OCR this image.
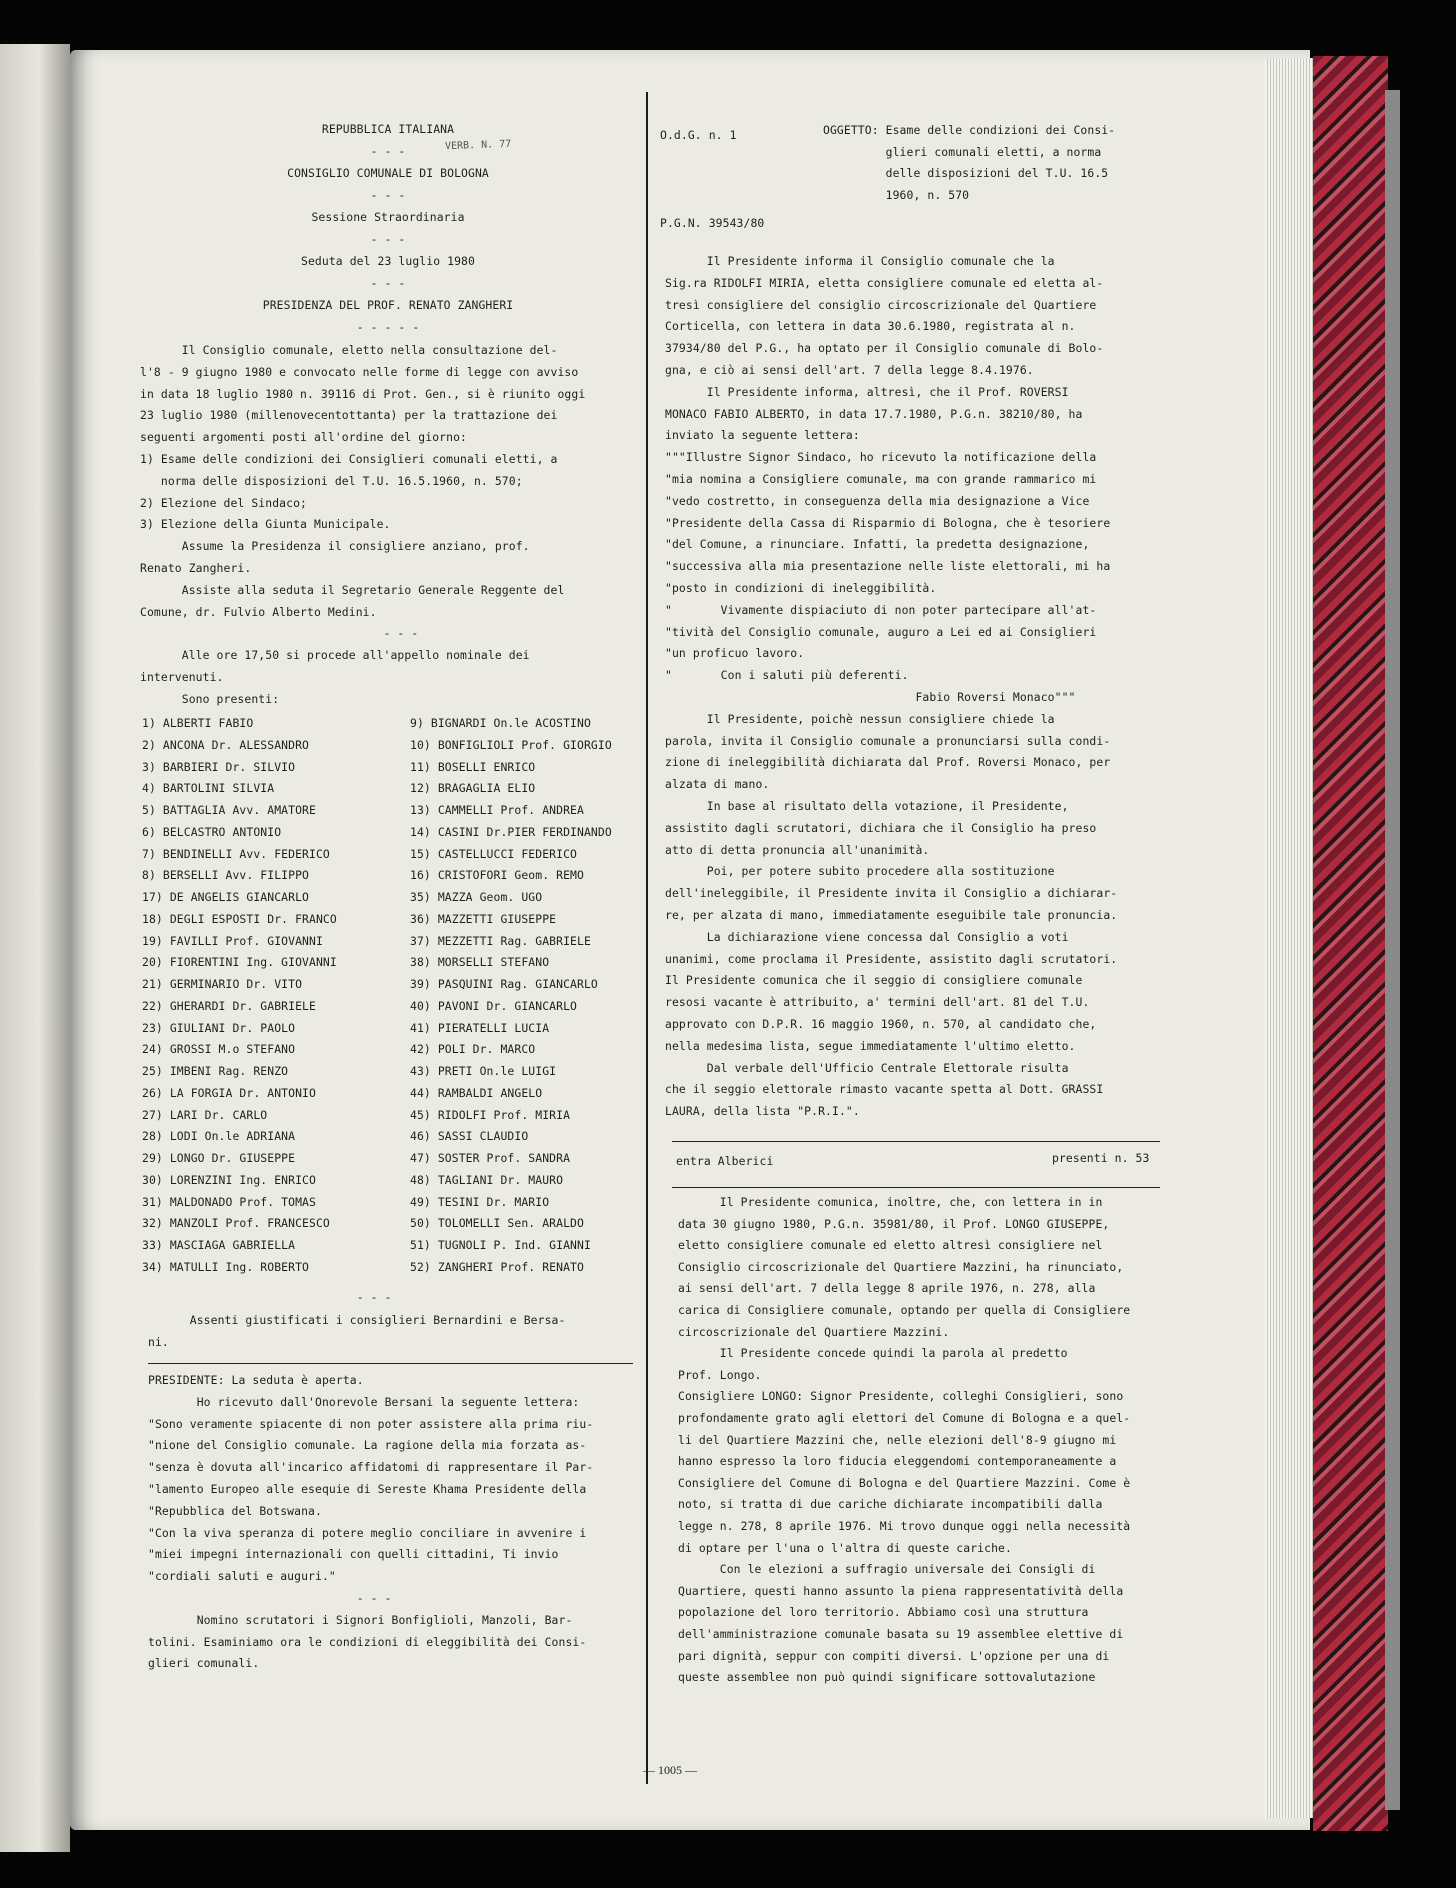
VERB. N. 77
REPUBBLICA ITALIANA
- - -
CONSIGLIO COMUNALE DI BOLOGNA
- - -
Sessione Straordinaria
- - -
Seduta del 23 luglio 1980
- - -
PRESIDENZA DEL PROF. RENATO ZANGHERI
- - - - -
Il Consiglio comunale, eletto nella consultazione del-
l'8 - 9 giugno 1980 e convocato nelle forme di legge con avviso
in data 18 luglio 1980 n. 39116 di Prot. Gen., si è riunito oggi
23 luglio 1980 (millenovecentottanta) per la trattazione dei
seguenti argomenti posti all'ordine del giorno:
1) Esame delle condizioni dei Consiglieri comunali eletti, a
norma delle disposizioni del T.U. 16.5.1960, n. 570;
2) Elezione del Sindaco;
3) Elezione della Giunta Municipale.
Assume la Presidenza il consigliere anziano, prof.
Renato Zangheri.
Assiste alla seduta il Segretario Generale Reggente del
Comune, dr. Fulvio Alberto Medini.
- - -
Alle ore 17,50 si procede all'appello nominale dei
intervenuti.
Sono presenti:
1) ALBERTI FABIO
2) ANCONA Dr. ALESSANDRO
3) BARBIERI Dr. SILVIO
4) BARTOLINI SILVIA
5) BATTAGLIA Avv. AMATORE
6) BELCASTRO ANTONIO
7) BENDINELLI Avv. FEDERICO
8) BERSELLI Avv. FILIPPO
17) DE ANGELIS GIANCARLO
18) DEGLI ESPOSTI Dr. FRANCO
19) FAVILLI Prof. GIOVANNI
20) FIORENTINI Ing. GIOVANNI
21) GERMINARIO Dr. VITO
22) GHERARDI Dr. GABRIELE
23) GIULIANI Dr. PAOLO
24) GROSSI M.o STEFANO
25) IMBENI Rag. RENZO
26) LA FORGIA Dr. ANTONIO
27) LARI Dr. CARLO
28) LODI On.le ADRIANA
29) LONGO Dr. GIUSEPPE
30) LORENZINI Ing. ENRICO
31) MALDONADO Prof. TOMAS
32) MANZOLI Prof. FRANCESCO
33) MASCIAGA GABRIELLA
34) MATULLI Ing. ROBERTO
9) BIGNARDI On.le ACOSTINO
10) BONFIGLIOLI Prof. GIORGIO
11) BOSELLI ENRICO
12) BRAGAGLIA ELIO
13) CAMMELLI Prof. ANDREA
14) CASINI Dr.PIER FERDINANDO
15) CASTELLUCCI FEDERICO
16) CRISTOFORI Geom. REMO
35) MAZZA Geom. UGO
36) MAZZETTI GIUSEPPE
37) MEZZETTI Rag. GABRIELE
38) MORSELLI STEFANO
39) PASQUINI Rag. GIANCARLO
40) PAVONI Dr. GIANCARLO
41) PIERATELLI LUCIA
42) POLI Dr. MARCO
43) PRETI On.le LUIGI
44) RAMBALDI ANGELO
45) RIDOLFI Prof. MIRIA
46) SASSI CLAUDIO
47) SOSTER Prof. SANDRA
48) TAGLIANI Dr. MAURO
49) TESINI Dr. MARIO
50) TOLOMELLI Sen. ARALDO
51) TUGNOLI P. Ind. GIANNI
52) ZANGHERI Prof. RENATO
- - -
Assenti giustificati i consiglieri Bernardini e Bersa-
ni.
PRESIDENTE: La seduta è aperta.
Ho ricevuto dall'Onorevole Bersani la seguente lettera:
"Sono veramente spiacente di non poter assistere alla prima riu-
"nione del Consiglio comunale. La ragione della mia forzata as-
"senza è dovuta all'incarico affidatomi di rappresentare il Par-
"lamento Europeo alle esequie di Sereste Khama Presidente della
"Repubblica del Botswana.
"Con la viva speranza di potere meglio conciliare in avvenire i
"miei impegni internazionali con quelli cittadini, Ti invio
"cordiali saluti e auguri."
- - -
Nomino scrutatori i Signori Bonfiglioli, Manzoli, Bar-
tolini. Esaminiamo ora le condizioni di eleggibilità dei Consi-
glieri comunali.
O.d.G. n. 1	OGGETTO: Esame delle condizioni dei Consi-
glieri comunali eletti, a norma
delle disposizioni del T.U. 16.5
1960, n. 570
P.G.N. 39543/80
Il Presidente informa il Consiglio comunale che la
Sig.ra RIDOLFI MIRIA, eletta consigliere comunale ed eletta al-
tresì consigliere del consiglio circoscrizionale del Quartiere
Corticella, con lettera in data 30.6.1980, registrata al n.
37934/80 del P.G., ha optato per il Consiglio comunale di Bolo-
gna, e ciò ai sensi dell'art. 7 della legge 8.4.1976.
Il Presidente informa, altresì, che il Prof. ROVERSI
MONACO FABIO ALBERTO, in data 17.7.1980, P.G.n. 38210/80, ha
inviato la seguente lettera:
"""Illustre Signor Sindaco, ho ricevuto la notificazione della
"mia nomina a Consigliere comunale, ma con grande rammarico mi
"vedo costretto, in conseguenza della mia designazione a Vice
"Presidente della Cassa di Risparmio di Bologna, che è tesoriere
"del Comune, a rinunciare. Infatti, la predetta designazione,
"successiva alla mia presentazione nelle liste elettorali, mi ha
"posto in condizioni di ineleggibilità.
"       Vivamente dispiaciuto di non poter partecipare all'at-
"tività del Consiglio comunale, auguro a Lei ed ai Consiglieri
"un proficuo lavoro.
"       Con i saluti più deferenti.
Fabio Roversi Monaco"""
Il Presidente, poichè nessun consigliere chiede la
parola, invita il Consiglio comunale a pronunciarsi sulla condi-
zione di ineleggibilità dichiarata dal Prof. Roversi Monaco, per
alzata di mano.
In base al risultato della votazione, il Presidente,
assistito dagli scrutatori, dichiara che il Consiglio ha preso
atto di detta pronuncia all'unanimità.
Poi, per potere subito procedere alla sostituzione
dell'ineleggibile, il Presidente invita il Consiglio a dichiarar-
re, per alzata di mano, immediatamente eseguibile tale pronuncia.
La dichiarazione viene concessa dal Consiglio a voti
unanimi, come proclama il Presidente, assistito dagli scrutatori.
Il Presidente comunica che il seggio di consigliere comunale
resosi vacante è attribuito, a' termini dell'art. 81 del T.U.
approvato con D.P.R. 16 maggio 1960, n. 570, al candidato che,
nella medesima lista, segue immediatamente l'ultimo eletto.
Dal verbale dell'Ufficio Centrale Elettorale risulta
che il seggio elettorale rimasto vacante spetta al Dott. GRASSI
LAURA, della lista "P.R.I.".
entra Alberici	presenti n. 53
Il Presidente comunica, inoltre, che, con lettera in in
data 30 giugno 1980, P.G.n. 35981/80, il Prof. LONGO GIUSEPPE,
eletto consigliere comunale ed eletto altresì consigliere nel
Consiglio circoscrizionale del Quartiere Mazzini, ha rinunciato,
ai sensi dell'art. 7 della legge 8 aprile 1976, n. 278, alla
carica di Consigliere comunale, optando per quella di Consigliere
circoscrizionale del Quartiere Mazzini.
Il Presidente concede quindi la parola al predetto
Prof. Longo.
Consigliere LONGO: Signor Presidente, colleghi Consiglieri, sono
profondamente grato agli elettori del Comune di Bologna e a quel-
li del Quartiere Mazzini che, nelle elezioni dell'8-9 giugno mi
hanno espresso la loro fiducia eleggendomi contemporaneamente a
Consigliere del Comune di Bologna e del Quartiere Mazzini. Come è
noto, si tratta di due cariche dichiarate incompatibili dalla
legge n. 278, 8 aprile 1976. Mi trovo dunque oggi nella necessità
di optare per l'una o l'altra di queste cariche.
Con le elezioni a suffragio universale dei Consigli di
Quartiere, questi hanno assunto la piena rappresentatività della
popolazione del loro territorio. Abbiamo così una struttura
dell'amministrazione comunale basata su 19 assemblee elettive di
pari dignità, seppur con compiti diversi. L'opzione per una di
queste assemblee non può quindi significare sottovalutazione
— 1005 —
